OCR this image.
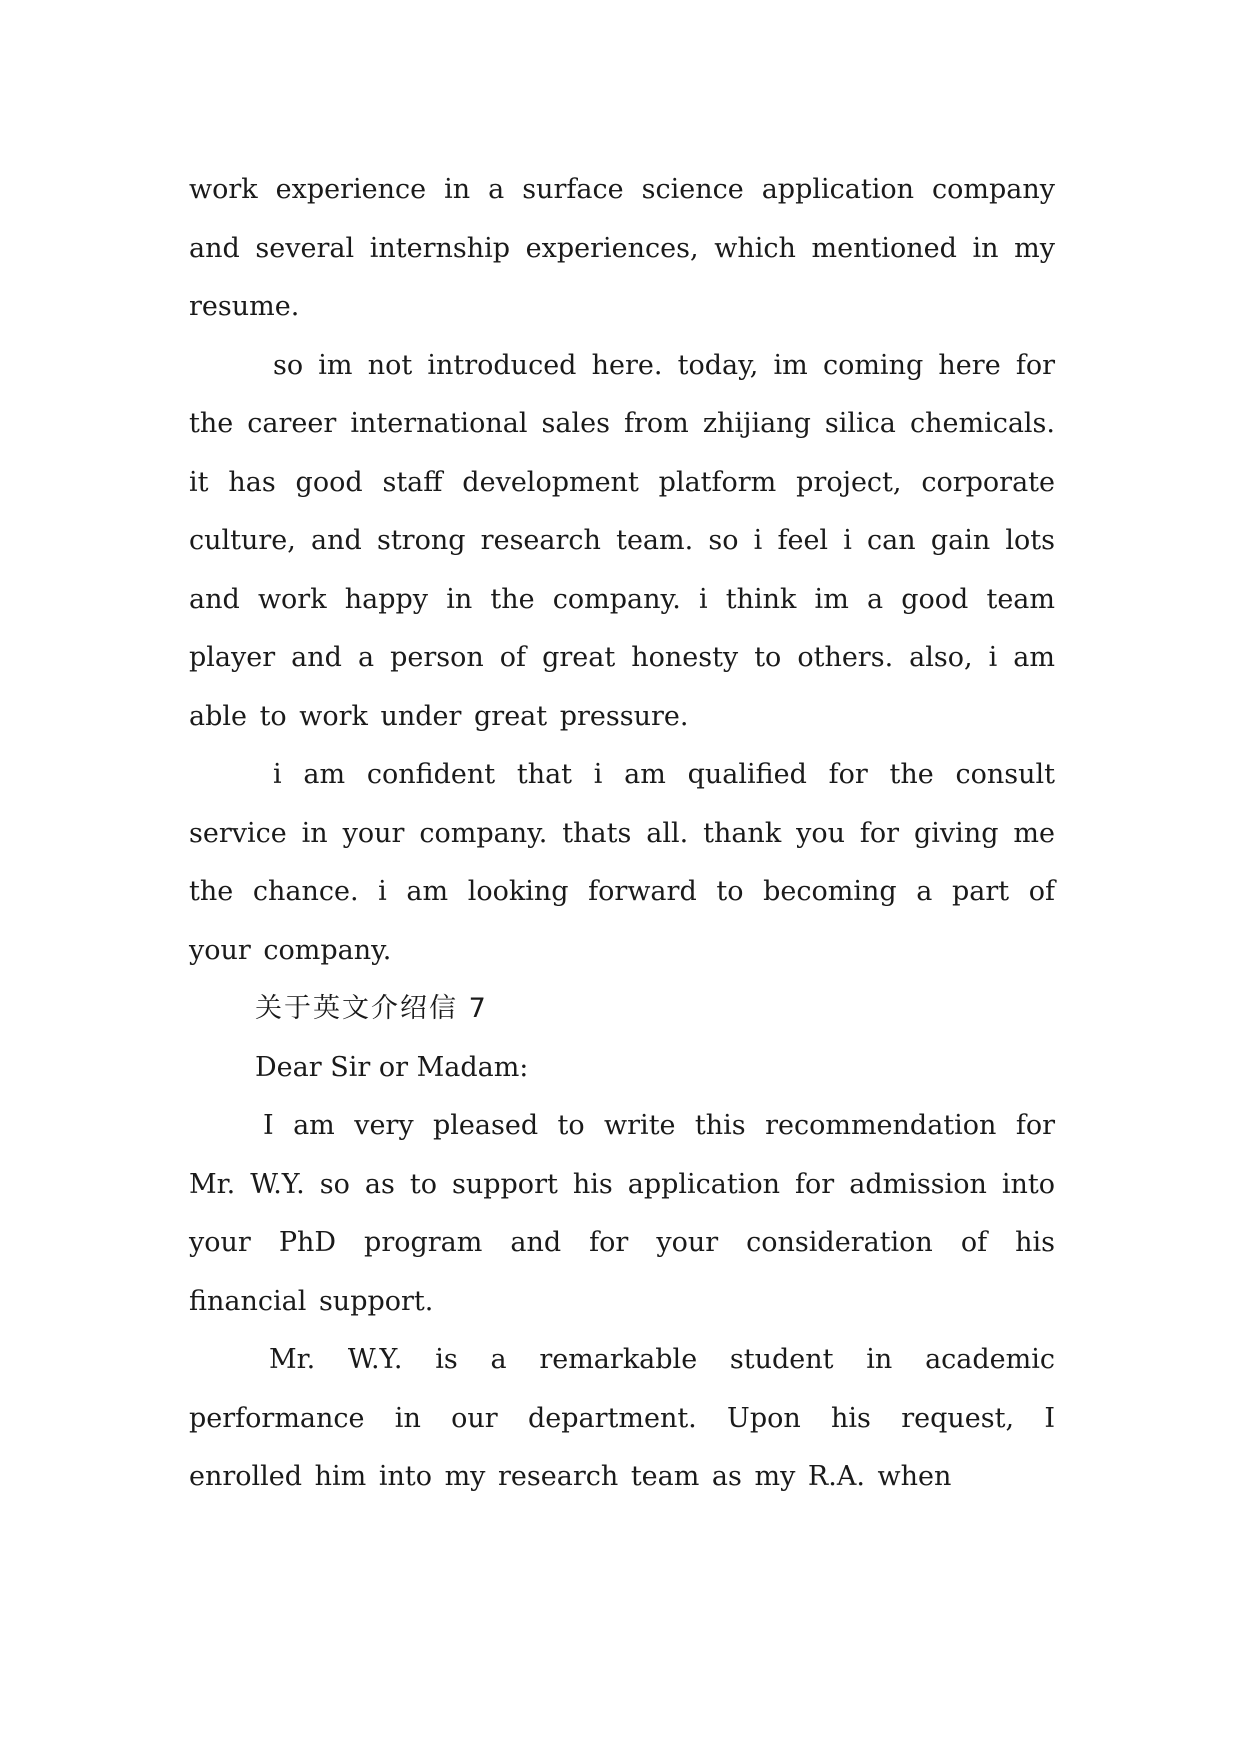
work experience in a surface science application company and several internship experiences, which mentioned in my resume.

so im not introduced here. today, im coming here for the career international sales from zhijiang silica chemicals. it has good staff development platform project, corporate culture, and strong research team. so i feel i can gain lots and work happy in the company. i think im a good team player and a person of great honesty to others. also, i am able to work under great pressure.

i am confident that i am qualified for the consult service in your company. thats all. thank you for giving me the chance. i am looking forward to becoming a part of your company.

关于英文介绍信 7

Dear Sir or Madam:

I am very pleased to write this recommendation for Mr. W.Y. so as to support his application for admission into your PhD program and for your consideration of his financial support.

Mr. W.Y. is a remarkable student in academic performance in our department. Upon his request, I enrolled him into my research team as my R.A. when
